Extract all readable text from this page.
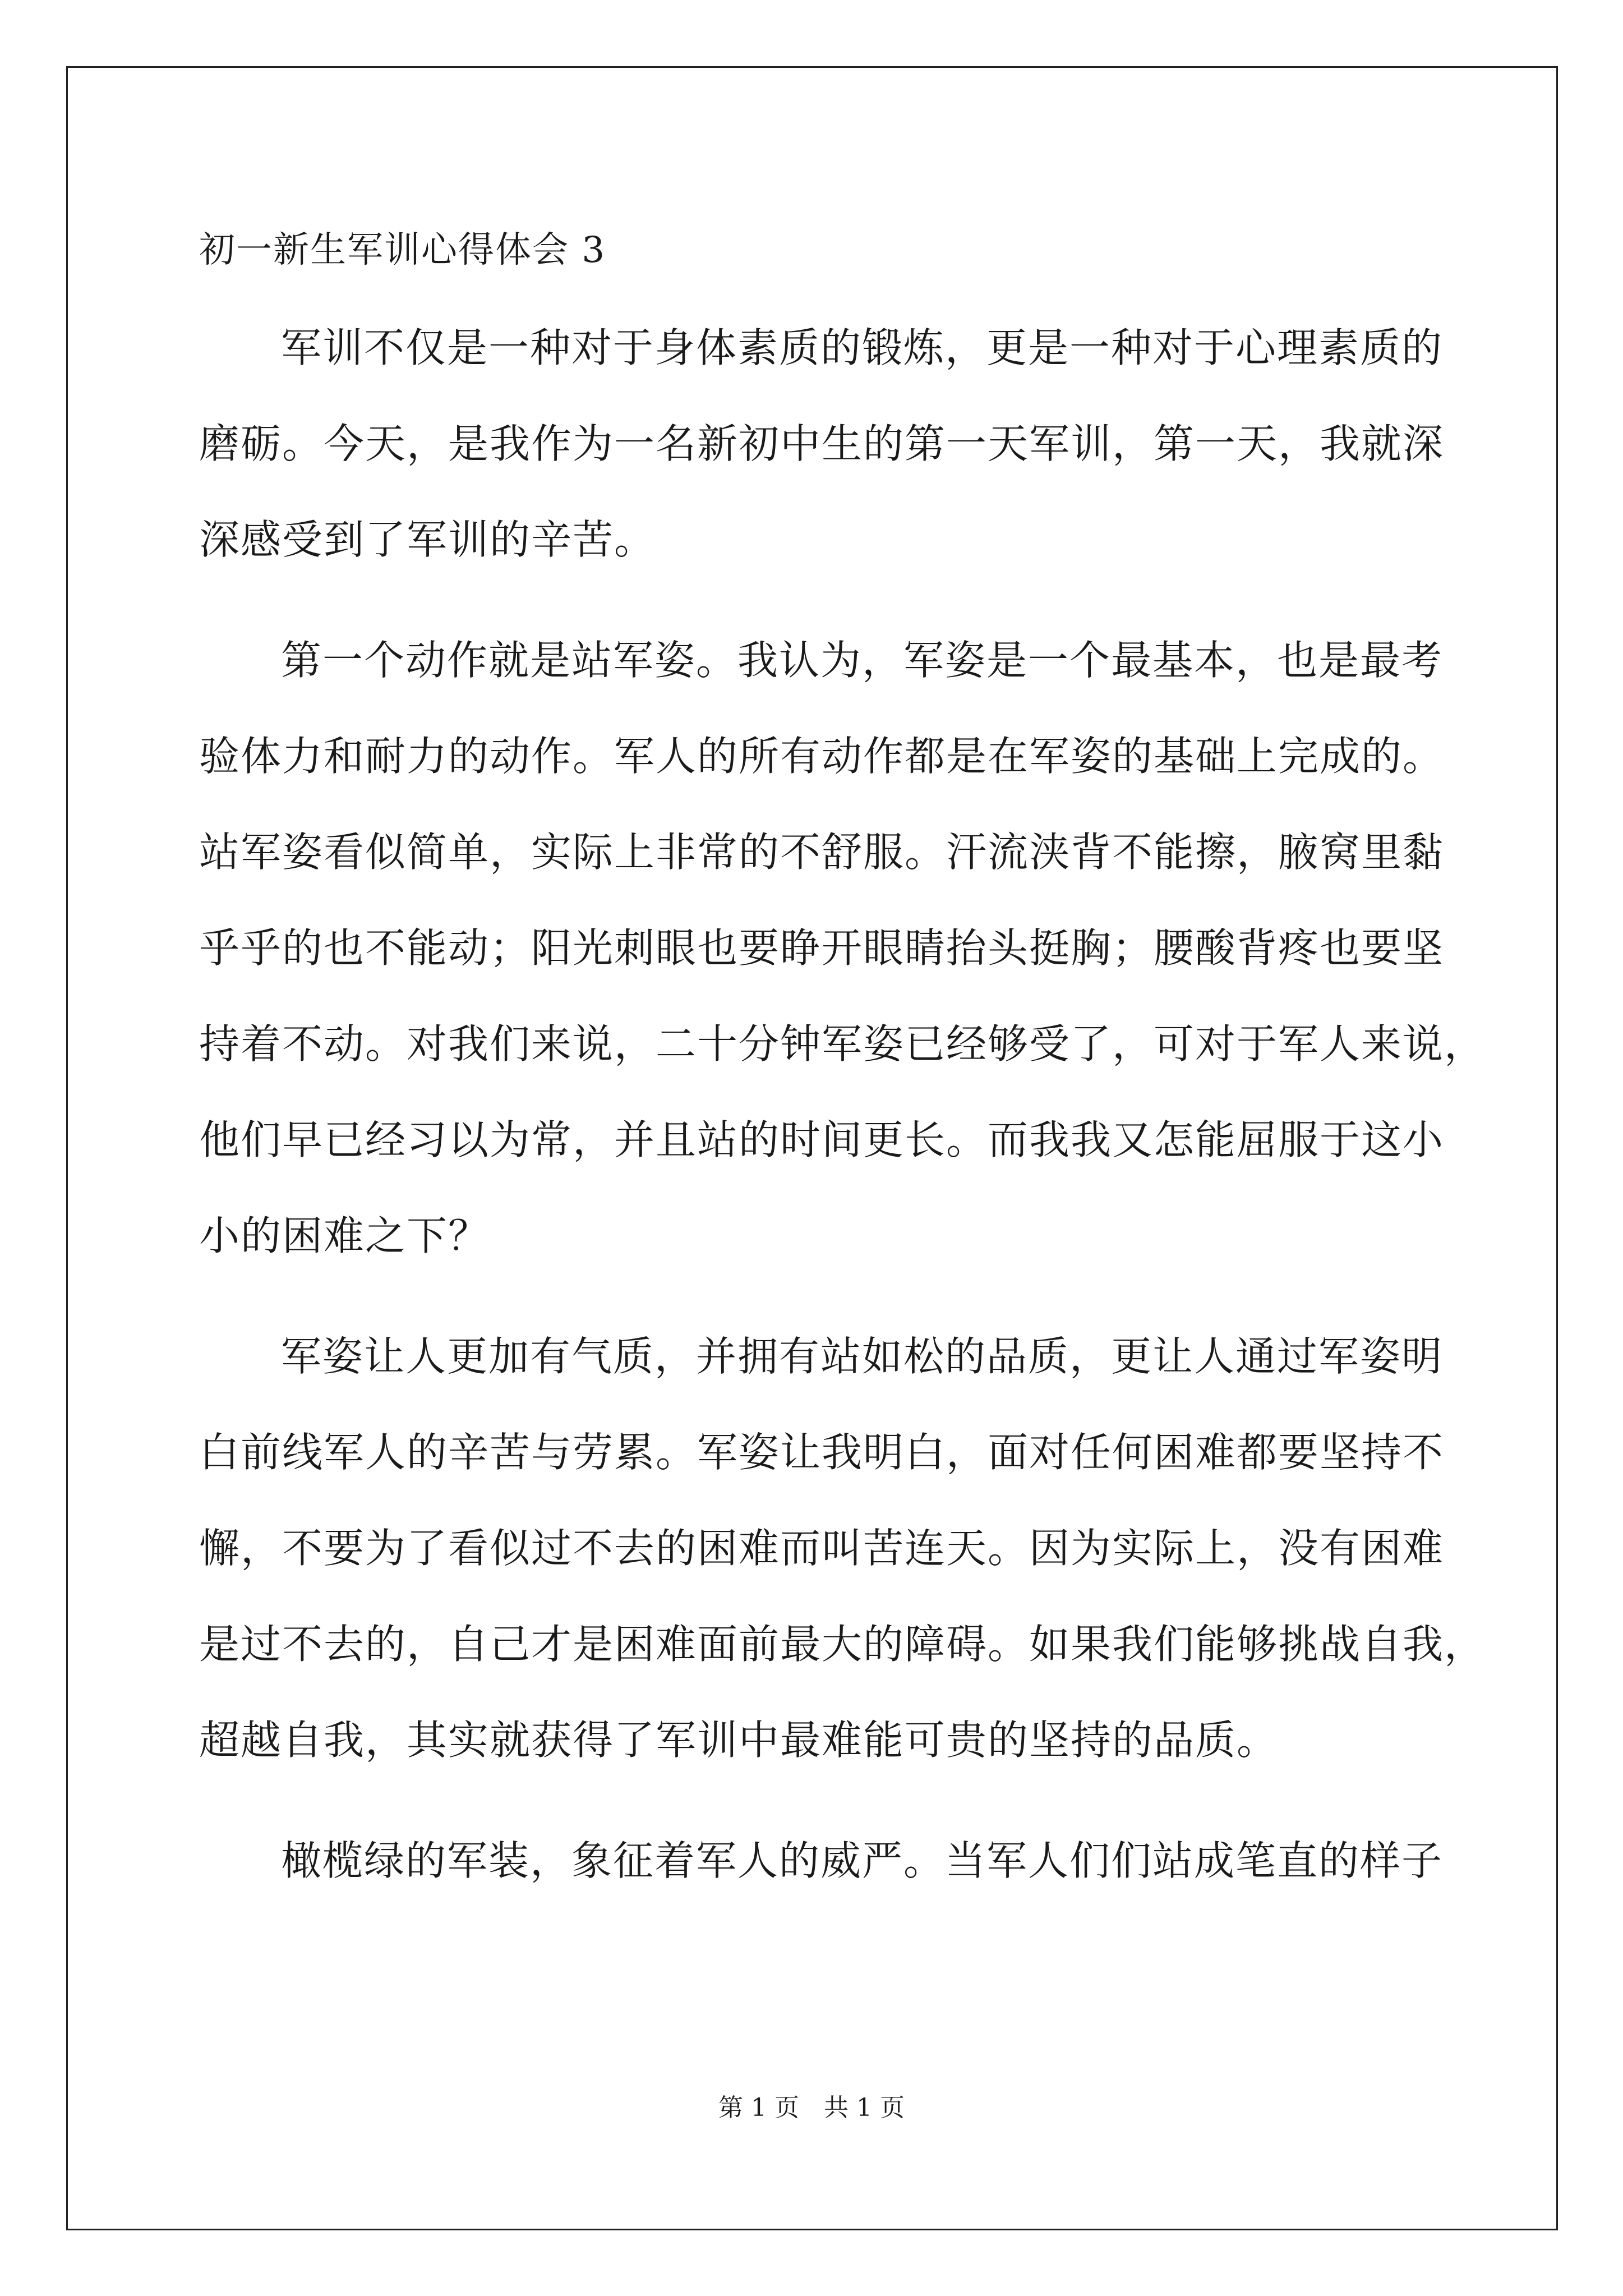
初一新生军训心得体会 3

军训不仅是一种对于身体素质的锻炼，更是一种对于心理素质的
磨砺。今天，是我作为一名新初中生的第一天军训，第一天，我就深
深感受到了军训的辛苦。

第一个动作就是站军姿。我认为，军姿是一个最基本，也是最考
验体力和耐力的动作。军人的所有动作都是在军姿的基础上完成的。
站军姿看似简单，实际上非常的不舒服。汗流浃背不能擦，腋窝里黏
乎乎的也不能动；阳光刺眼也要睁开眼睛抬头挺胸；腰酸背疼也要坚
持着不动。对我们来说，二十分钟军姿已经够受了，可对于军人来说，
他们早已经习以为常，并且站的时间更长。而我我又怎能屈服于这小
小的困难之下？

军姿让人更加有气质，并拥有站如松的品质，更让人通过军姿明
白前线军人的辛苦与劳累。军姿让我明白，面对任何困难都要坚持不
懈，不要为了看似过不去的困难而叫苦连天。因为实际上，没有困难
是过不去的，自己才是困难面前最大的障碍。如果我们能够挑战自我，
超越自我，其实就获得了军训中最难能可贵的坚持的品质。

橄榄绿的军装，象征着军人的威严。当军人们们站成笔直的样子

第 1 页　共 1 页
